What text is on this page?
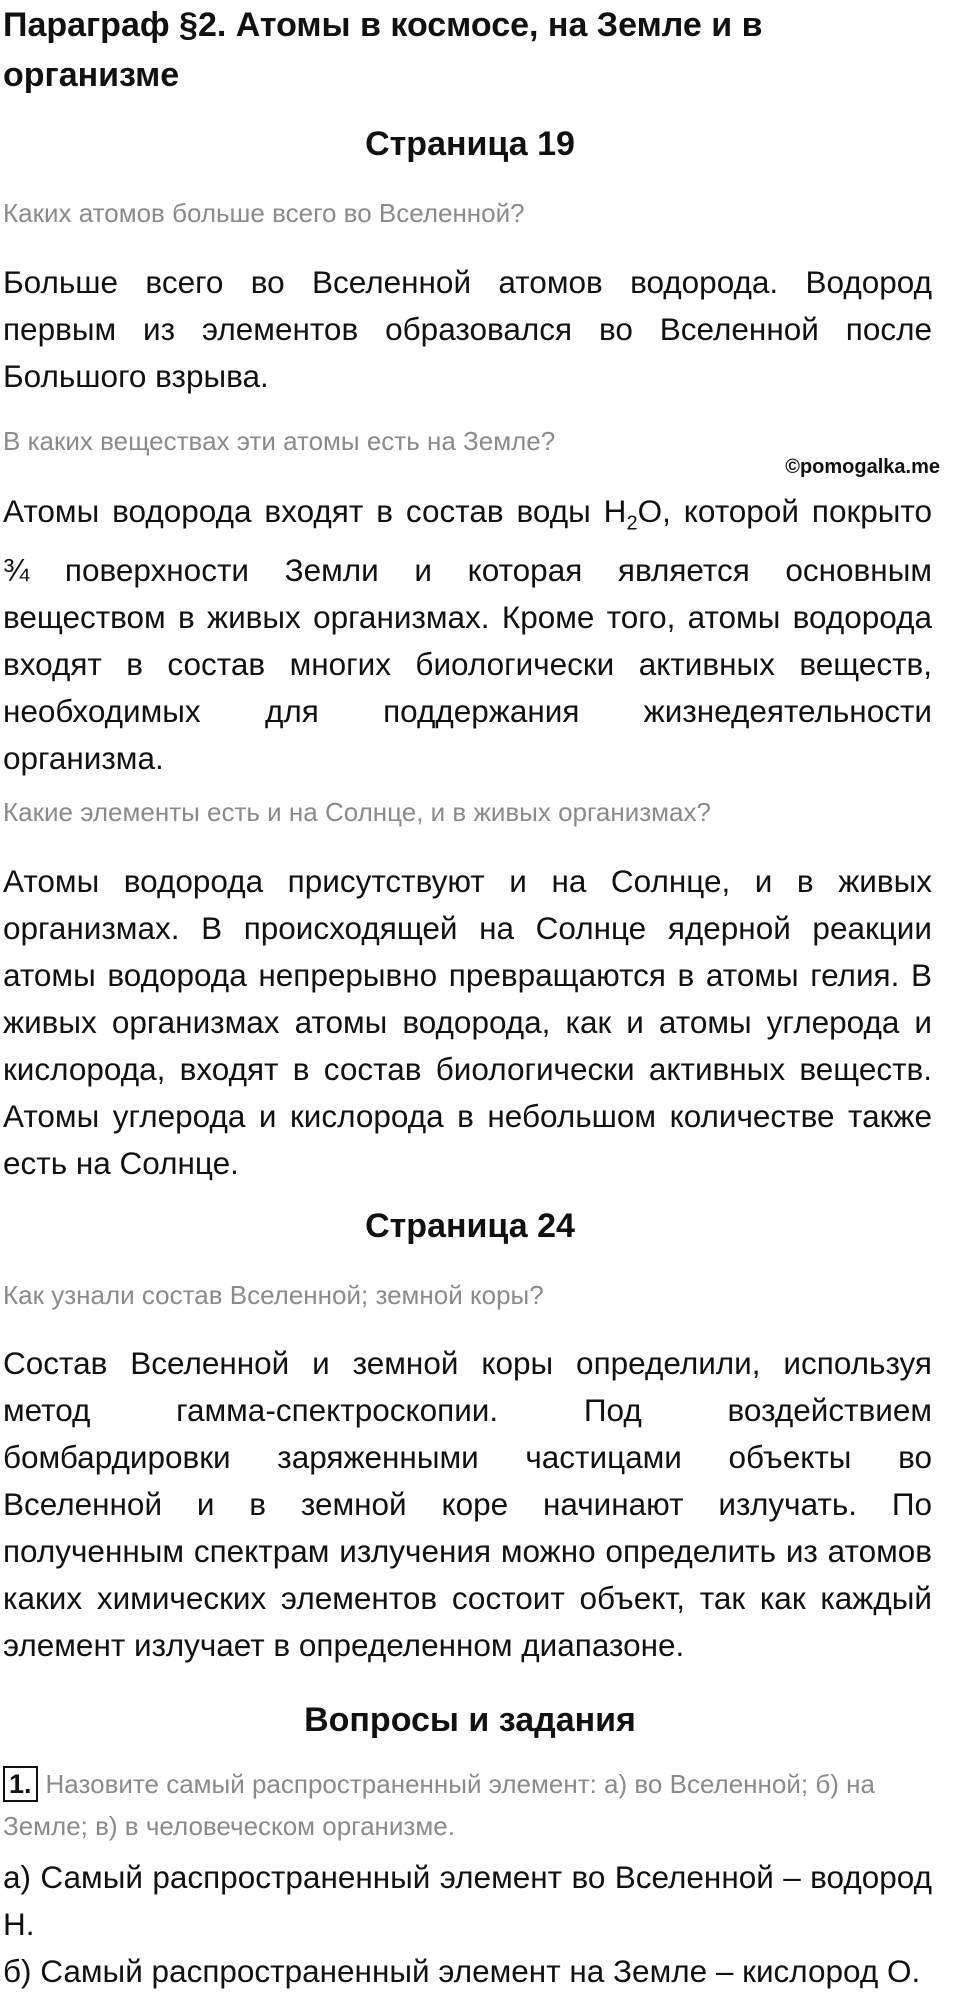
Параграф §2. Атомы в космосе, на Земле и в организме
Страница 19
Каких атомов больше всего во Вселенной?
Больше всего во Вселенной атомов водорода. Водород первым из элементов образовался во Вселенной после Большого взрыва.
В каких веществах эти атомы есть на Земле?
©pomogalka.me
Атомы водорода входят в состав воды $H_2O$, которой покрыто ¾ поверхности Земли и которая является основным веществом в живых организмах. Кроме того, атомы водорода входят в состав многих биологически активных веществ, необходимых для поддержания жизнедеятельности организма.
Какие элементы есть и на Солнце, и в живых организмах?
Атомы водорода присутствуют и на Солнце, и в живых организмах. В происходящей на Солнце ядерной реакции атомы водорода непрерывно превращаются в атомы гелия. В живых организмах атомы водорода, как и атомы углерода и кислорода, входят в состав биологически активных веществ. Атомы углерода и кислорода в небольшом количестве также есть на Солнце.
Страница 24
Как узнали состав Вселенной; земной коры?
Состав Вселенной и земной коры определили, используя метод гамма-спектроскопии. Под воздействием бомбардировки заряженными частицами объекты во Вселенной и в земной коре начинают излучать. По полученным спектрам излучения можно определить из атомов каких химических элементов состоит объект, так как каждый элемент излучает в определенном диапазоне.
Вопросы и задания
1. Назовите самый распространенный элемент: а) во Вселенной; б) на Земле; в) в человеческом организме.
а) Самый распространенный элемент во Вселенной – водород H.
б) Самый распространенный элемент на Земле – кислород O.
